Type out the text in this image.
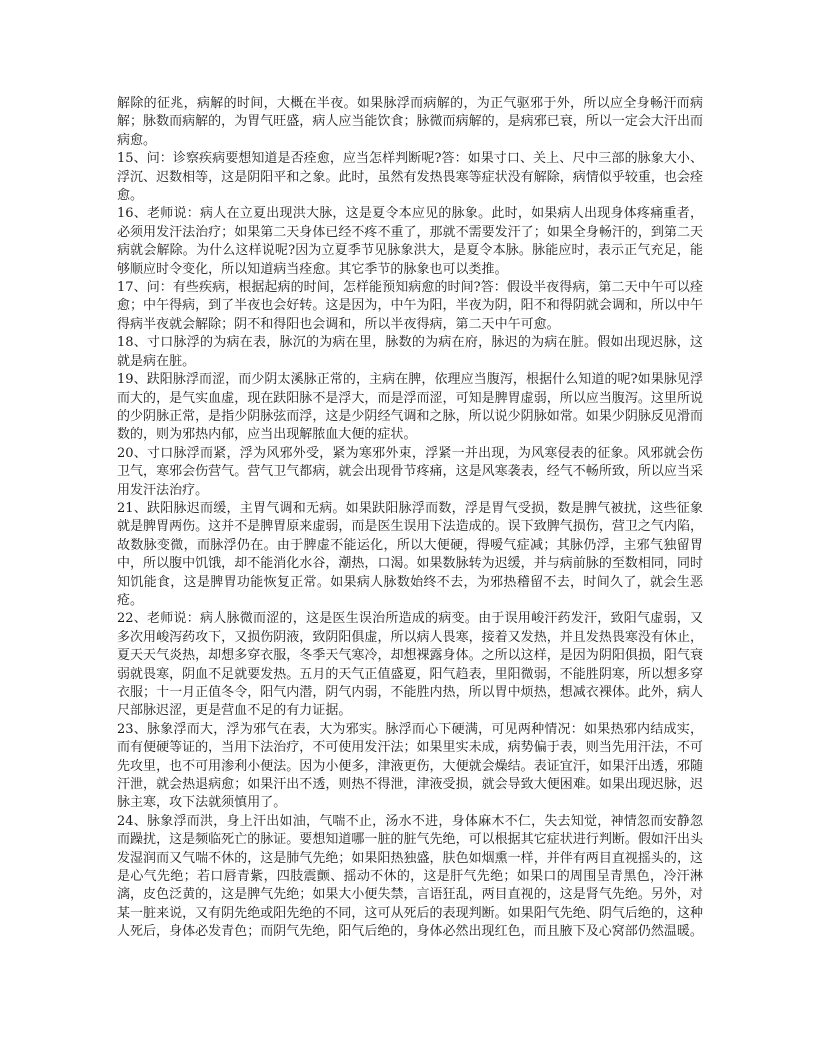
解除的征兆，病解的时间，大概在半夜。如果脉浮而病解的，为正气驱邪于外，所以应全身畅汗而病解；脉数而病解的，为胃气旺盛，病人应当能饮食；脉微而病解的，是病邪已衰，所以一定会大汗出而病愈。

15、问：诊察疾病要想知道是否痊愈，应当怎样判断呢?答：如果寸口、关上、尺中三部的脉象大小、浮沉、迟数相等，这是阴阳平和之象。此时，虽然有发热畏寒等症状没有解除，病情似乎较重，也会痊愈。

16、老师说：病人在立夏出现洪大脉，这是夏令本应见的脉象。此时，如果病人出现身体疼痛重者，必须用发汗法治疗；如果第二天身体已经不疼不重了，那就不需要发汗了；如果全身畅汗的，到第二天病就会解除。为什么这样说呢?因为立夏季节见脉象洪大，是夏令本脉。脉能应时，表示正气充足，能够顺应时令变化，所以知道病当痊愈。其它季节的脉象也可以类推。

17、问：有些疾病，根据起病的时间，怎样能预知病愈的时间?答：假设半夜得病，第二天中午可以痊愈；中午得病，到了半夜也会好转。这是因为，中午为阳，半夜为阴，阳不和得阴就会调和，所以中午得病半夜就会解除；阴不和得阳也会调和，所以半夜得病，第二天中午可愈。

18、寸口脉浮的为病在表，脉沉的为病在里，脉数的为病在府，脉迟的为病在脏。假如出现迟脉，这就是病在脏。

19、趺阳脉浮而涩，而少阴太溪脉正常的，主病在脾，依理应当腹泻，根据什么知道的呢?如果脉见浮而大的，是气实血虚，现在趺阳脉不是浮大，而是浮而涩，可知是脾胃虚弱，所以应当腹泻。这里所说的少阴脉正常，是指少阴脉弦而浮，这是少阴经气调和之脉，所以说少阴脉如常。如果少阴脉反见滑而数的，则为邪热内郁，应当出现解脓血大便的症状。

20、寸口脉浮而紧，浮为风邪外受，紧为寒邪外束，浮紧一并出现，为风寒侵表的征象。风邪就会伤卫气，寒邪会伤营气。营气卫气都病，就会出现骨节疼痛，这是风寒袭表，经气不畅所致，所以应当采用发汗法治疗。

21、趺阳脉迟而缓，主胃气调和无病。如果趺阳脉浮而数，浮是胃气受损，数是脾气被扰，这些征象就是脾胃两伤。这并不是脾胃原来虚弱，而是医生误用下法造成的。误下致脾气损伤，营卫之气内陷，故数脉变微，而脉浮仍在。由于脾虚不能运化，所以大便硬，得嗳气症减；其脉仍浮，主邪气独留胃中，所以腹中饥饿，却不能消化水谷，潮热，口渴。如果数脉转为迟缓，并与病前脉的至数相同，同时知饥能食，这是脾胃功能恢复正常。如果病人脉数始终不去，为邪热稽留不去，时间久了，就会生恶疮。

22、老师说：病人脉微而涩的，这是医生误治所造成的病变。由于误用峻汗药发汗，致阳气虚弱，又多次用峻泻药攻下，又损伤阴液，致阴阳俱虚，所以病人畏寒，接着又发热，并且发热畏寒没有休止，夏天天气炎热，却想多穿衣服，冬季天气寒冷，却想裸露身体。之所以这样，是因为阴阳俱损，阳气衰弱就畏寒，阴血不足就要发热。五月的天气正值盛夏，阳气趋表，里阳微弱，不能胜阴寒，所以想多穿衣服；十一月正值冬令，阳气内潜，阴气内弱，不能胜内热，所以胃中烦热，想减衣裸体。此外，病人尺部脉迟涩，更是营血不足的有力证据。

23、脉象浮而大，浮为邪气在表，大为邪实。脉浮而心下硬满，可见两种情况：如果热邪内结成实，而有便硬等证的，当用下法治疗，不可使用发汗法；如果里实未成，病势偏于表，则当先用汗法，不可先攻里，也不可用渗利小便法。因为小便多，津液更伤，大便就会燥结。表证宜汗，如果汗出透，邪随汗泄，就会热退病愈；如果汗出不透，则热不得泄，津液受损，就会导致大便困难。如果出现迟脉，迟脉主寒，攻下法就须慎用了。

24、脉象浮而洪，身上汗出如油，气喘不止，汤水不进，身体麻木不仁，失去知觉，神情忽而安静忽而躁扰，这是频临死亡的脉证。要想知道哪一脏的脏气先绝，可以根据其它症状进行判断。假如汗出头发湿润而又气喘不休的，这是肺气先绝；如果阳热独盛，肤色如烟熏一样，并伴有两目直视摇头的，这是心气先绝；若口唇青紫，四肢震颤、摇动不休的，这是肝气先绝；如果口的周围呈青黑色，冷汗淋漓，皮色泛黄的，这是脾气先绝；如果大小便失禁，言语狂乱，两目直视的，这是肾气先绝。另外，对某一脏来说，又有阴先绝或阳先绝的不同，这可从死后的表现判断。如果阳气先绝、阴气后绝的，这种人死后，身体必发青色；而阴气先绝，阳气后绝的，身体必然出现红色，而且腋下及心窝部仍然温暖。
